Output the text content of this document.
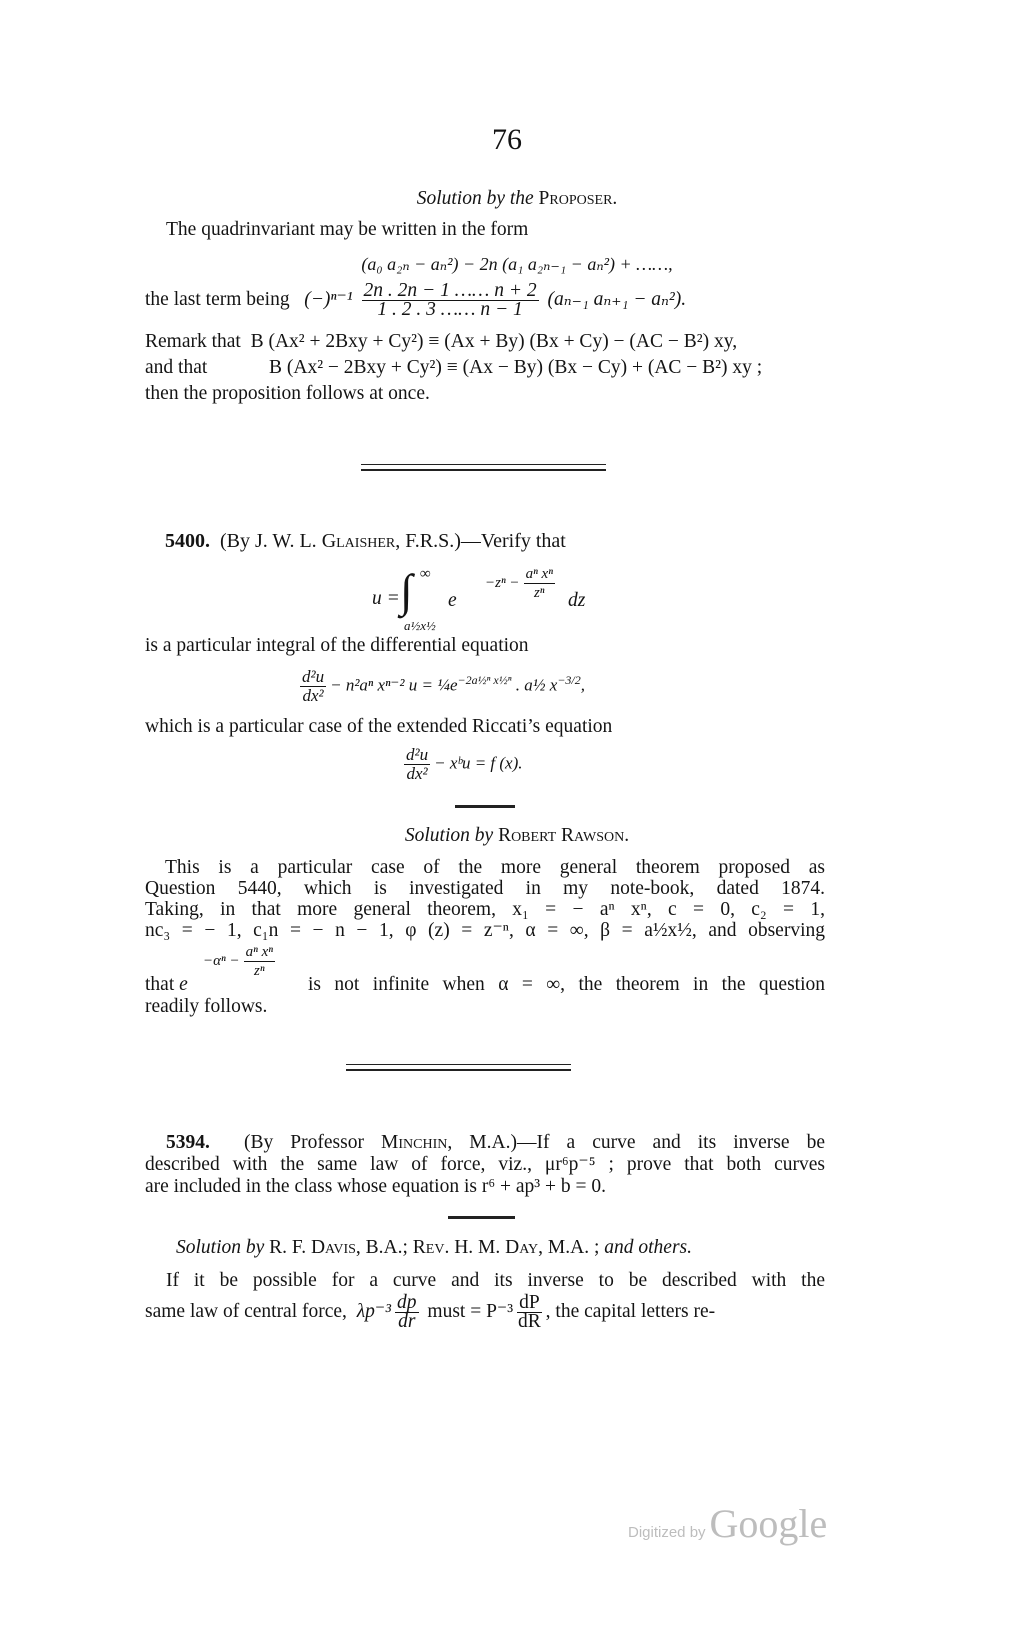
76
Solution by the Proposer.
The quadrinvariant may be written in the form
(a₀ a₂ₙ − aₙ²) − 2n (a₁ a₂ₙ₋₁ − aₙ²) + ……,
the last term being $(-)^{n-1} \frac{2n . 2n - 1 \dots\dots n + 2}{1 . 2 . 3 \dots\dots n - 1} (a_{n-1}$ aₙ₊₁ − aₙ²).
Remark that B (Ax² + 2Bxy + Cy²) ≡ (Ax + By) (Bx + Cy) − (AC − B²) xy,
and that	B (Ax² − 2Bxy + Cy²) ≡ (Ax − By) (Bx − Cy) + (AC − B²) xy ;
then the proposition follows at once.
5400. (By J. W. L. Glaisher, F.R.S.)—Verify that
u = ∫ ∞
a½x½
e
$-z^n - \frac{\text{aⁿ xⁿ}}{\text{zⁿ}}$ dz
is a particular integral of the differential equation
$\frac{\text{d²u}}{\text{dx²}} - n^2a^n$ xⁿ⁻² $u = \frac{1}{4}e^{-2a\frac{1}{2}^n x\frac{1}{2}^n}$ . a½ $x^{-3/2}$,
which is a particular case of the extended Riccati’s equation
$\frac{\text{d²u}}{\text{dx²}}$ − xᵇu = f (x).
Solution by Robert Rawson.
This is a particular case of the more general theorem proposed as
Question 5440, which is investigated in my note-book, dated 1874.
Taking, in that more general theorem, x₁ = − aⁿ xⁿ, c = 0, c₂ = 1,
nc₃ = − 1, c₁n = − n − 1, φ (z) = z⁻ⁿ, α = ∞, β = a½x½, and observing
$-\alpha^n - \frac{\text{aⁿ xⁿ}}{\text{zⁿ}}$
that e	is not infinite when α = ∞, the theorem in the question
readily follows.
5394. (By Professor Minchin, M.A.)—If a curve and its inverse be
described with the same law of force, viz., μr⁶p⁻⁵ ; prove that both curves
are included in the class whose equation is r⁶ + ap³ + b = 0.
Solution by R. F. Davis, B.A.; Rev. H. M. Day, M.A. ; and others.
If it be possible for a curve and its inverse to be described with the
same law of central force, $\lambda p^{-3} \frac{dp}{dr}$ must = $P^{-3} \frac{dP}{dR}$ , the capital letters re-
Digitized by Google
